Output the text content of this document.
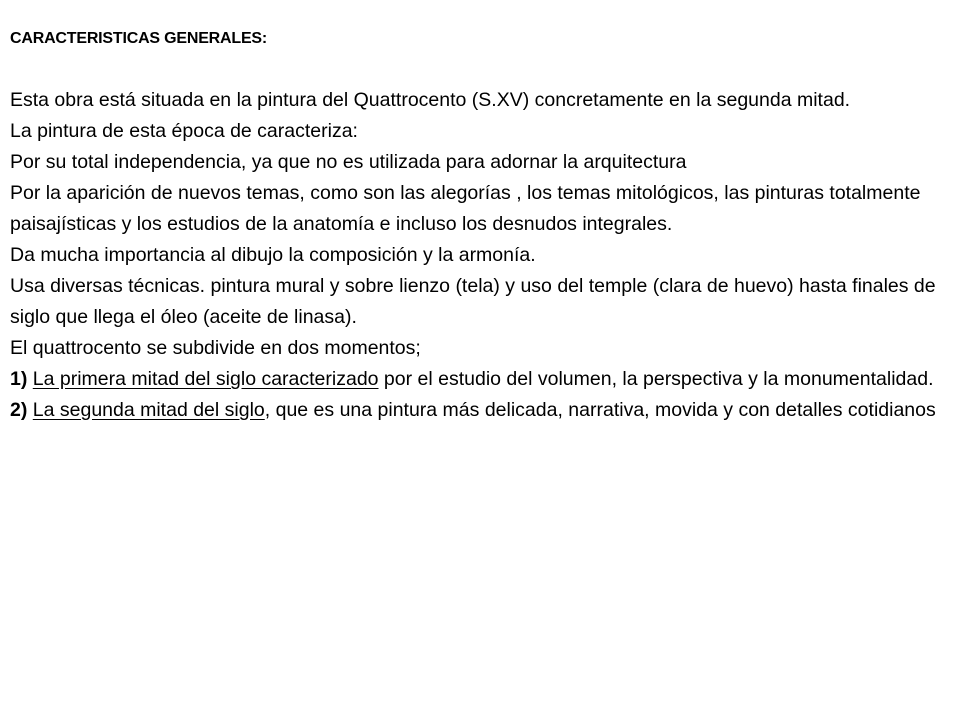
CARACTERISTICAS GENERALES:

Esta obra está situada en la pintura del Quattrocento (S.XV) concretamente en la segunda mitad.

La pintura de esta época de caracteriza:

Por su total independencia, ya que no es utilizada para adornar la arquitectura

Por la aparición de nuevos temas, como son las alegorías , los temas mitológicos, las pinturas totalmente paisajísticas y los estudios de la anatomía e incluso los desnudos integrales.

Da mucha importancia al dibujo la composición y la armonía.

Usa diversas técnicas. pintura mural y sobre lienzo (tela) y uso del temple (clara de huevo) hasta finales de siglo que llega el óleo (aceite de linasa).

El quattrocento se subdivide en dos momentos;

1) La primera mitad del siglo caracterizado por el estudio del volumen, la perspectiva y la monumentalidad.

2) La segunda mitad del siglo, que es una pintura más delicada, narrativa, movida y con detalles cotidianos
